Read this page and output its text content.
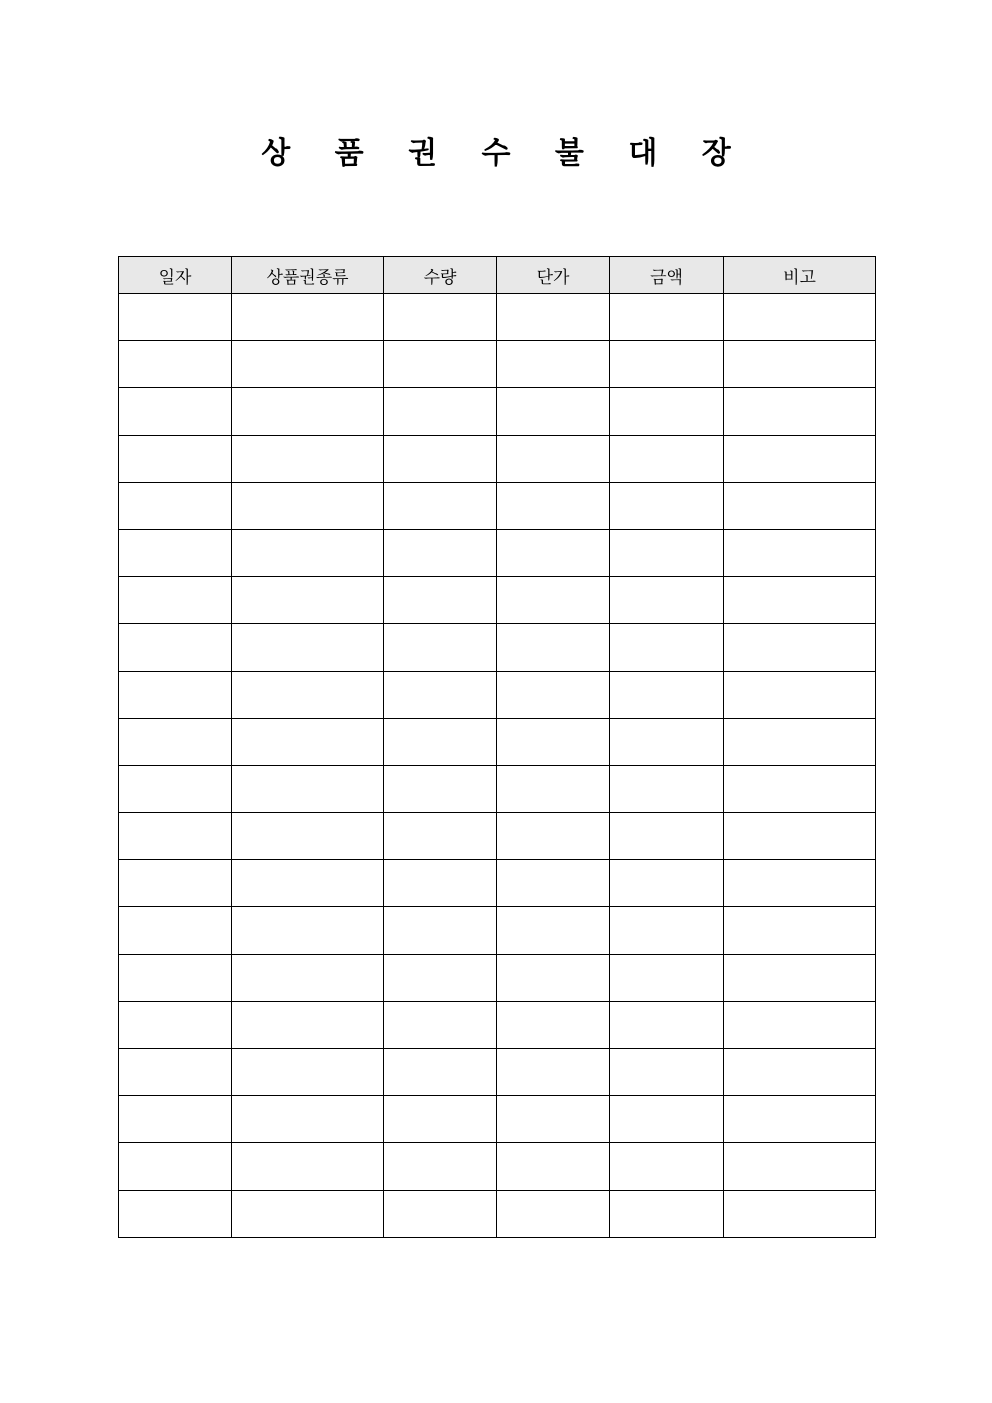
상 품 권 수 불 대 장
일자	상품권종류	수량	단가	금액	비고
